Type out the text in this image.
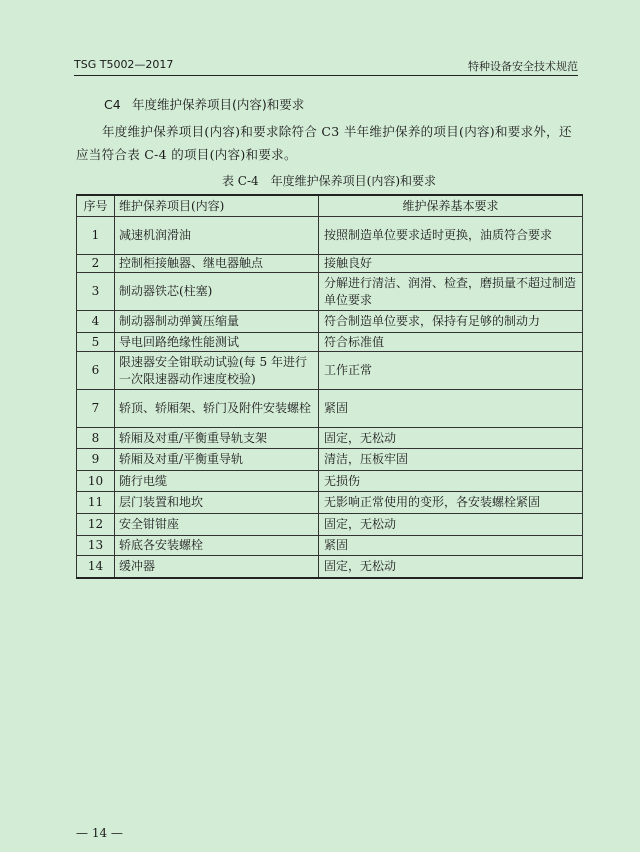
TSG T5002—2017	特种设备安全技术规范
C4 年度维护保养项目(内容)和要求
年度维护保养项目(内容)和要求除符合 C3 半年维护保养的项目(内容)和要求外，还应当符合表 C-4 的项目(内容)和要求。
表 C-4　年度维护保养项目(内容)和要求
序号	维护保养项目(内容)	维护保养基本要求
1	减速机润滑油	按照制造单位要求适时更换，油质符合要求
2	控制柜接触器、继电器触点	接触良好
3	制动器铁芯(柱塞)	分解进行清洁、润滑、检查，磨损量不超过制造单位要求
4	制动器制动弹簧压缩量	符合制造单位要求，保持有足够的制动力
5	导电回路绝缘性能测试	符合标准值
6	限速器安全钳联动试验(每 5 年进行一次限速器动作速度校验)	工作正常
7	轿顶、轿厢架、轿门及附件安装螺栓	紧固
8	轿厢及对重/平衡重导轨支架	固定，无松动
9	轿厢及对重/平衡重导轨	清洁，压板牢固
10	随行电缆	无损伤
11	层门装置和地坎	无影响正常使用的变形，各安装螺栓紧固
12	安全钳钳座	固定，无松动
13	轿底各安装螺栓	紧固
14	缓冲器	固定，无松动
— 14 —
